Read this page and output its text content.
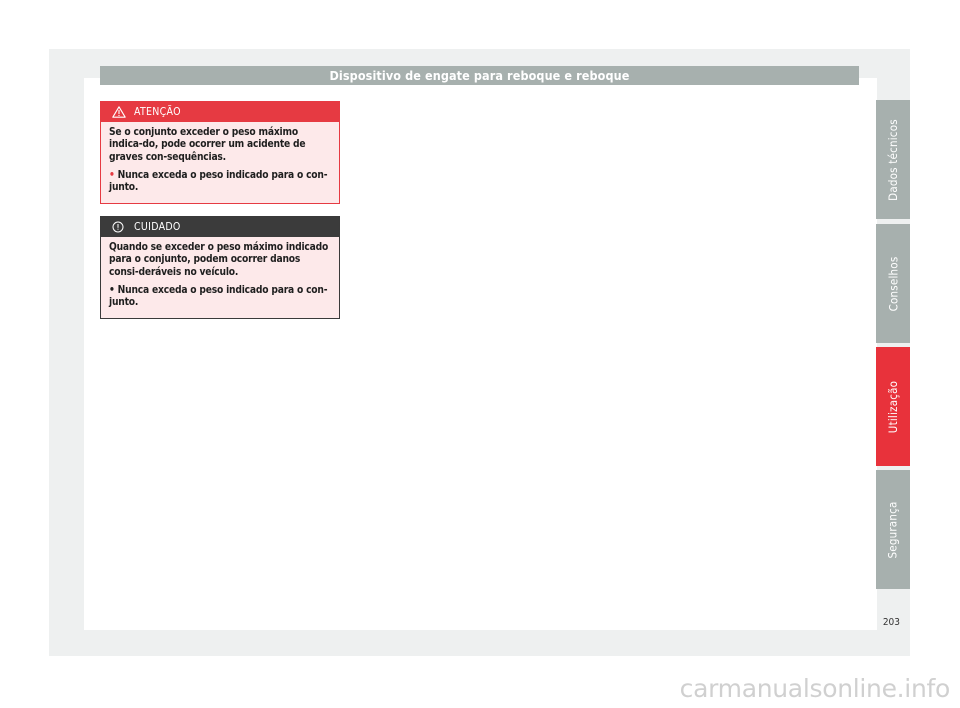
Dispositivo de engate para reboque e reboque
ATENÇÃO

Se o conjunto exceder o peso máximo indica-do, pode ocorrer um acidente de graves con-sequências.

• Nunca exceda o peso indicado para o con-junto.

CUIDADO

Quando se exceder o peso máximo indicado para o conjunto, podem ocorrer danos consi-deráveis no veículo.

• Nunca exceda o peso indicado para o con-junto.

Dados técnicos
Conselhos
Utilização
Segurança
203
carmanualsonline.info
